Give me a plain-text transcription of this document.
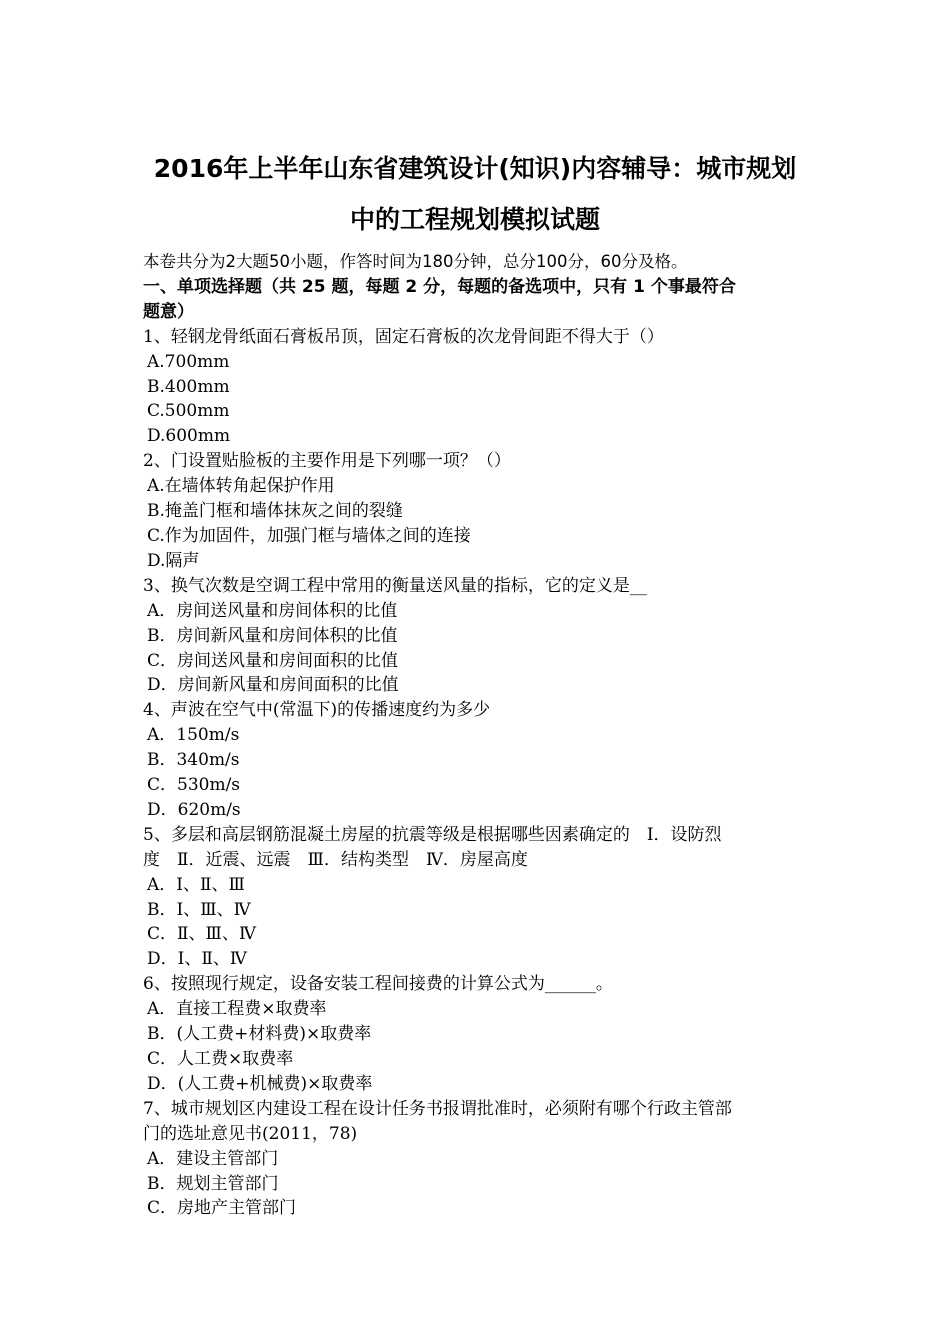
2016年上半年山东省建筑设计(知识)内容辅导：城市规划
中的工程规划模拟试题
本卷共分为2大题50小题，作答时间为180分钟，总分100分，60分及格。
一、单项选择题（共 25 题，每题 2 分，每题的备选项中，只有 1 个事最符合
题意）
1、轻钢龙骨纸面石膏板吊顶，固定石膏板的次龙骨间距不得大于（）
A.700mm
B.400mm
C.500mm
D.600mm
2、门设置贴脸板的主要作用是下列哪一项？（）
A.在墙体转角起保护作用
B.掩盖门框和墙体抹灰之间的裂缝
C.作为加固件，加强门框与墙体之间的连接
D.隔声
3、换气次数是空调工程中常用的衡量送风量的指标，它的定义是__
A．房间送风量和房间体积的比值
B．房间新风量和房间体积的比值
C．房间送风量和房间面积的比值
D．房间新风量和房间面积的比值
4、声波在空气中(常温下)的传播速度约为多少
A．150m/s
B．340m/s
C．530m/s
D．620m/s
5、多层和高层钢筋混凝土房屋的抗震等级是根据哪些因素确定的　Ⅰ．设防烈
度　Ⅱ．近震、远震　Ⅲ．结构类型　Ⅳ．房屋高度
A．Ⅰ、Ⅱ、Ⅲ
B．Ⅰ、Ⅲ、Ⅳ
C．Ⅱ、Ⅲ、Ⅳ
D．Ⅰ、Ⅱ、Ⅳ
6、按照现行规定，设备安装工程间接费的计算公式为______。
A．直接工程费×取费率
B．(人工费+材料费)×取费率
C．人工费×取费率
D．(人工费+机械费)×取费率
7、城市规划区内建设工程在设计任务书报谓批准时，必须附有哪个行政主管部
门的选址意见书(2011，78)
A．建设主管部门
B．规划主管部门
C．房地产主管部门
